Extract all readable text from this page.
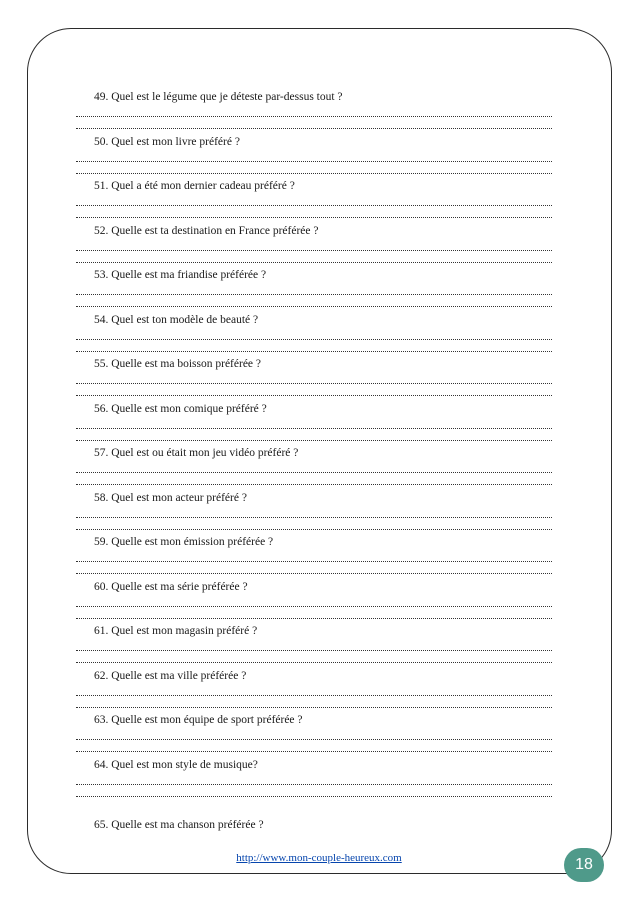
49. Quel est le légume que je déteste par-dessus tout ?
50. Quel est mon livre préféré ?
51. Quel a été mon dernier cadeau préféré ?
52. Quelle est ta destination en France préférée ?
53. Quelle est ma friandise préférée ?
54. Quel est ton modèle de beauté ?
55. Quelle est ma boisson préférée ?
56. Quelle est mon comique préféré ?
57. Quel est ou était mon jeu vidéo préféré ?
58. Quel est mon acteur préféré ?
59. Quelle est mon émission préférée ?
60. Quelle est ma série préférée ?
61. Quel est mon magasin préféré ?
62. Quelle est ma ville préférée ?
63. Quelle est mon équipe de sport préférée ?
64. Quel est mon style de musique?
65. Quelle est ma chanson préférée ?
http://www.mon-couple-heureux.com	18
